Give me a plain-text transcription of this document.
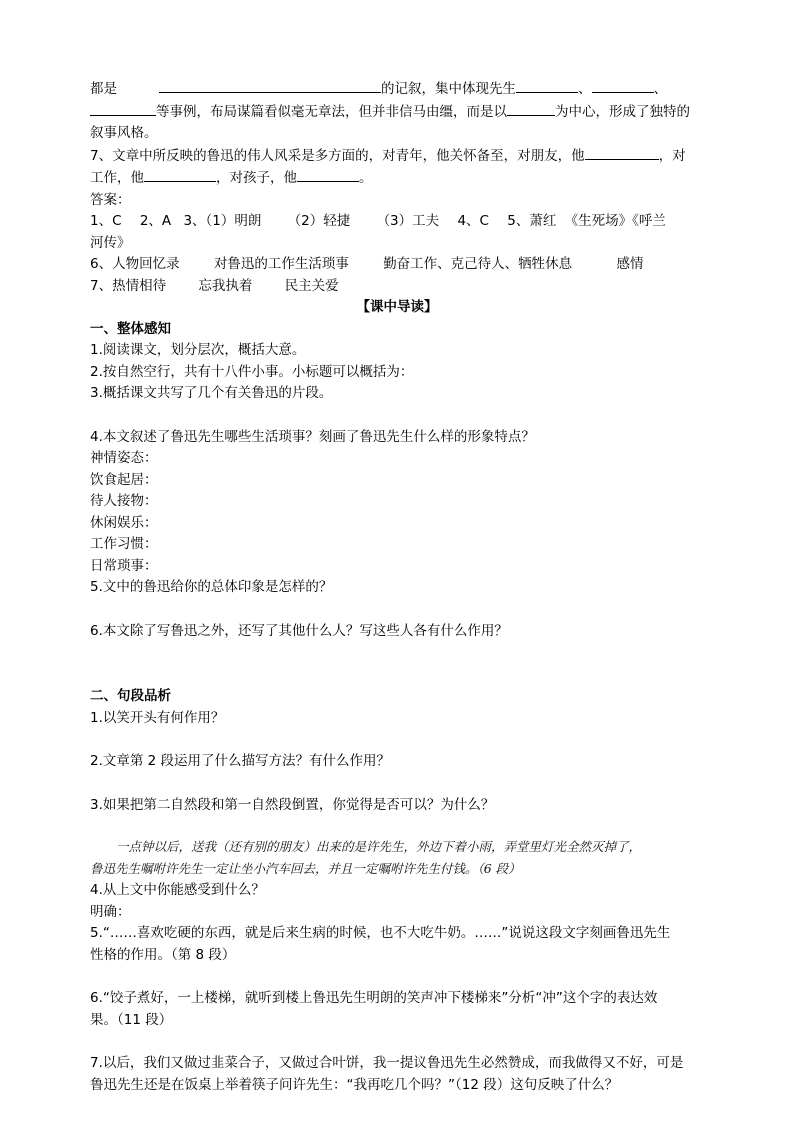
都是	的记叙，集中体现先生	、	、
等事例，布局谋篇看似毫无章法，但并非信马由缰，而是以	为中心，形成了独特的
叙事风格。
7、文章中所反映的鲁迅的伟人风采是多方面的，对青年，他关怀备至，对朋友，他	，对
工作，他	，对孩子，他	。
答案：
1、C 2、A 3、（1）明朗 （2）轻捷 （3）工夫 4、C 5、萧红 《生死场》《呼兰
河传》
6、人物回忆录	对鲁迅的工作生活琐事	勤奋工作、克己待人、牺牲休息	感情
7、热情相待 忘我执着 民主关爱
【课中导读】
一、整体感知
1.阅读课文，划分层次，概括大意。
2.按自然空行，共有十八件小事。小标题可以概括为：
3.概括课文共写了几个有关鲁迅的片段。
4.本文叙述了鲁迅先生哪些生活琐事？刻画了鲁迅先生什么样的形象特点？
神情姿态：
饮食起居：
待人接物：
休闲娱乐：
工作习惯：
日常琐事：
5.文中的鲁迅给你的总体印象是怎样的？
6.本文除了写鲁迅之外，还写了其他什么人？写这些人各有什么作用？
二、句段品析
1.以笑开头有何作用？
2.文章第 2 段运用了什么描写方法？有什么作用？
3.如果把第二自然段和第一自然段倒置，你觉得是否可以？为什么？
一点钟以后，送我（还有别的朋友）出来的是许先生，外边下着小雨，弄堂里灯光全然灭掉了，
鲁迅先生嘱咐许先生一定让坐小汽车回去，并且一定嘱咐许先生付钱。（6 段）
4.从上文中你能感受到什么？
明确：
5.“……喜欢吃硬的东西，就是后来生病的时候，也不大吃牛奶。……”说说这段文字刻画鲁迅先生
性格的作用。（第 8 段）
6.“饺子煮好，一上楼梯，就听到楼上鲁迅先生明朗的笑声冲下楼梯来”分析“冲”这个字的表达效
果。（11 段）
7.以后，我们又做过韭菜合子，又做过合叶饼，我一提议鲁迅先生必然赞成，而我做得又不好，可是
鲁迅先生还是在饭桌上举着筷子问许先生：“我再吃几个吗？”（12 段）这句反映了什么？
